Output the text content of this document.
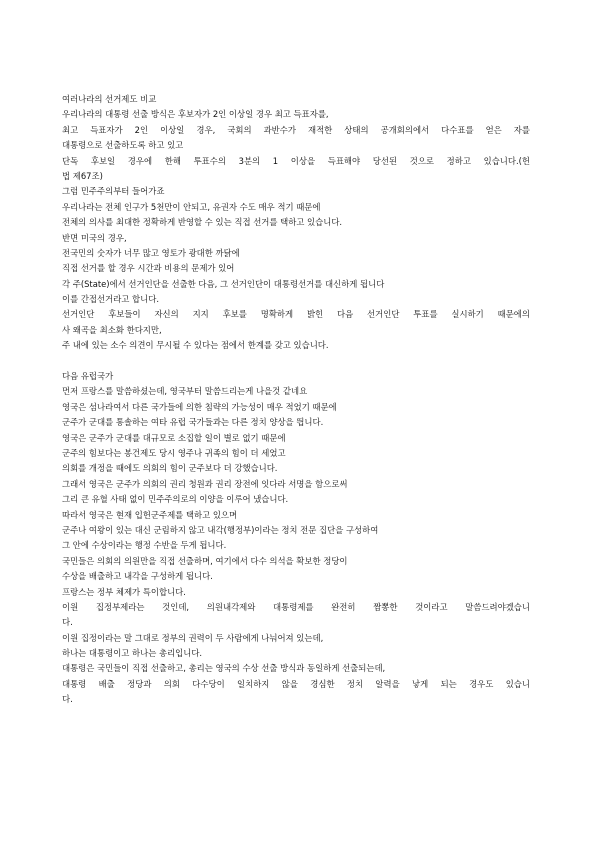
여러나라의 선거제도 비교
우리나라의 대통령 선출 방식은 후보자가 2인 이상일 경우 최고 득표자를,
최고 득표자가 2인 이상일 경우, 국회의 과반수가 재적한 상태의 공개회의에서 다수표를 얻은 자를
대통령으로 선출하도록 하고 있고
단독 후보일 경우에 한해 투표수의 3분의 1 이상을 득표해야 당선된 것으로 정하고 있습니다.(헌
법 제67조)
그럼 민주주의부터 들어가죠
우리나라는 전체 인구가 5천만이 안되고, 유권자 수도 매우 적기 때문에
전체의 의사를 최대한 정확하게 반영할 수 있는 직접 선거를 택하고 있습니다.
반면 미국의 경우,
전국민의 숫자가 너무 많고 영토가 광대한 까닭에
직접 선거를 할 경우 시간과 비용의 문제가 있어
각 주(State)에서 선거인단을 선출한 다음, 그 선거인단이 대통령선거를 대신하게 됩니다
이를 간접선거라고 합니다.
선거인단 후보들이 자신의 지지 후보를 명확하게 밝힌 다음 선거인단 투표를 실시하기 때문에의
사 왜곡을 최소화 한다지만,
주 내에 있는 소수 의견이 무시될 수 있다는 점에서 한계를 갖고 있습니다.
다음 유럽국가
먼저 프랑스를 말씀하셨는데, 영국부터 말씀드리는게 나을것 같네요
영국은 섬나라여서 다른 국가들에 의한 침략의 가능성이 매우 적었기 때문에
군주가 군대를 통솔하는 여타 유럽 국가들과는 다른 정치 양상을 띕니다.
영국은 군주가 군대를 대규모로 소집할 일이 별로 없기 때문에
군주의 힘보다는 봉건제도 당시 영주나 귀족의 힘이 더 세었고
의회를 개정을 때에도 의회의 힘이 군주보다 더 강했습니다.
그래서 영국은 군주가 의회의 권리 청원과 권리 장전에 잇다라 서명을 함으로써
그리 큰 유혈 사태 없이 민주주의로의 이양을 이루어 냈습니다.
따라서 영국은 현재 입헌군주제를 택하고 있으며
군주나 여왕이 있는 대신 군림하지 않고 내각(행정부)이라는 정치 전문 집단을 구성하여
그 안에 수상이라는 행정 수반을 두게 됩니다.
국민들은 의회의 의원만을 직접 선출하며, 여기에서 다수 의석을 확보한 정당이
수상을 배출하고 내각을 구성하게 됩니다.
프랑스는 정부 체제가 특이합니다.
이원 집정부제라는 것인데, 의원내각제와 대통령제를 완전히 짬뽕한 것이라고 말씀드려야겠습니
다.
이원 집정이라는 말 그대로 정부의 권력이 두 사람에게 나눠어져 있는데,
하나는 대통령이고 하나는 총리입니다.
대통령은 국민들이 직접 선출하고, 총리는 영국의 수상 선출 방식과 동일하게 선출되는데,
대통령 배출 정당과 의회 다수당이 일치하지 않을 경심한 정치 알력을 낳게 되는 경우도 있습니
다.
